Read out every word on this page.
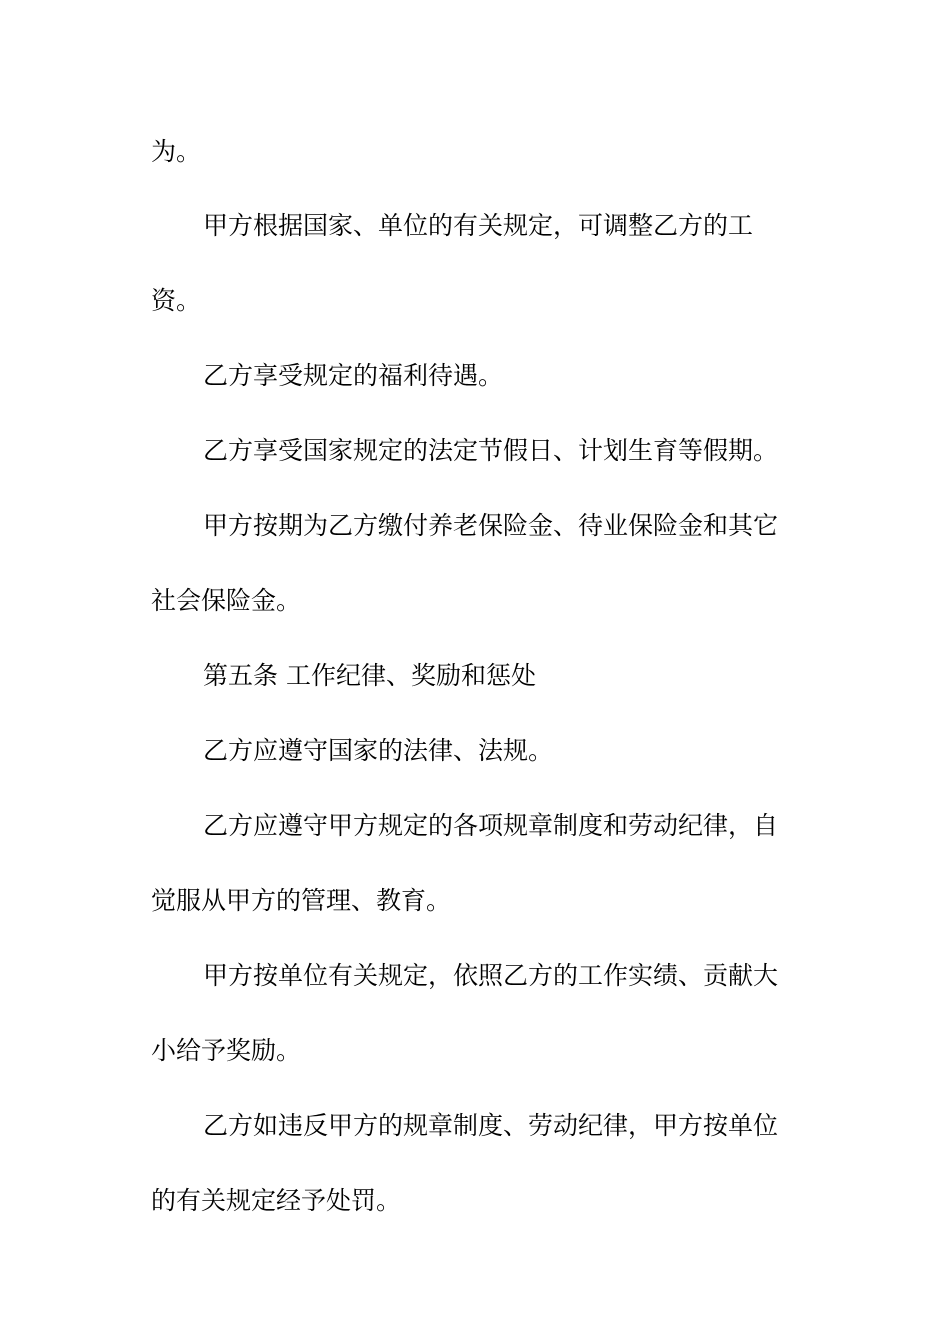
为。
甲方根据国家、单位的有关规定，可调整乙方的工
资。
乙方享受规定的福利待遇。
乙方享受国家规定的法定节假日、计划生育等假期。
甲方按期为乙方缴付养老保险金、待业保险金和其它
社会保险金。
第五条 工作纪律、奖励和惩处
乙方应遵守国家的法律、法规。
乙方应遵守甲方规定的各项规章制度和劳动纪律，自
觉服从甲方的管理、教育。
甲方按单位有关规定，依照乙方的工作实绩、贡献大
小给予奖励。
乙方如违反甲方的规章制度、劳动纪律，甲方按单位
的有关规定经予处罚。
